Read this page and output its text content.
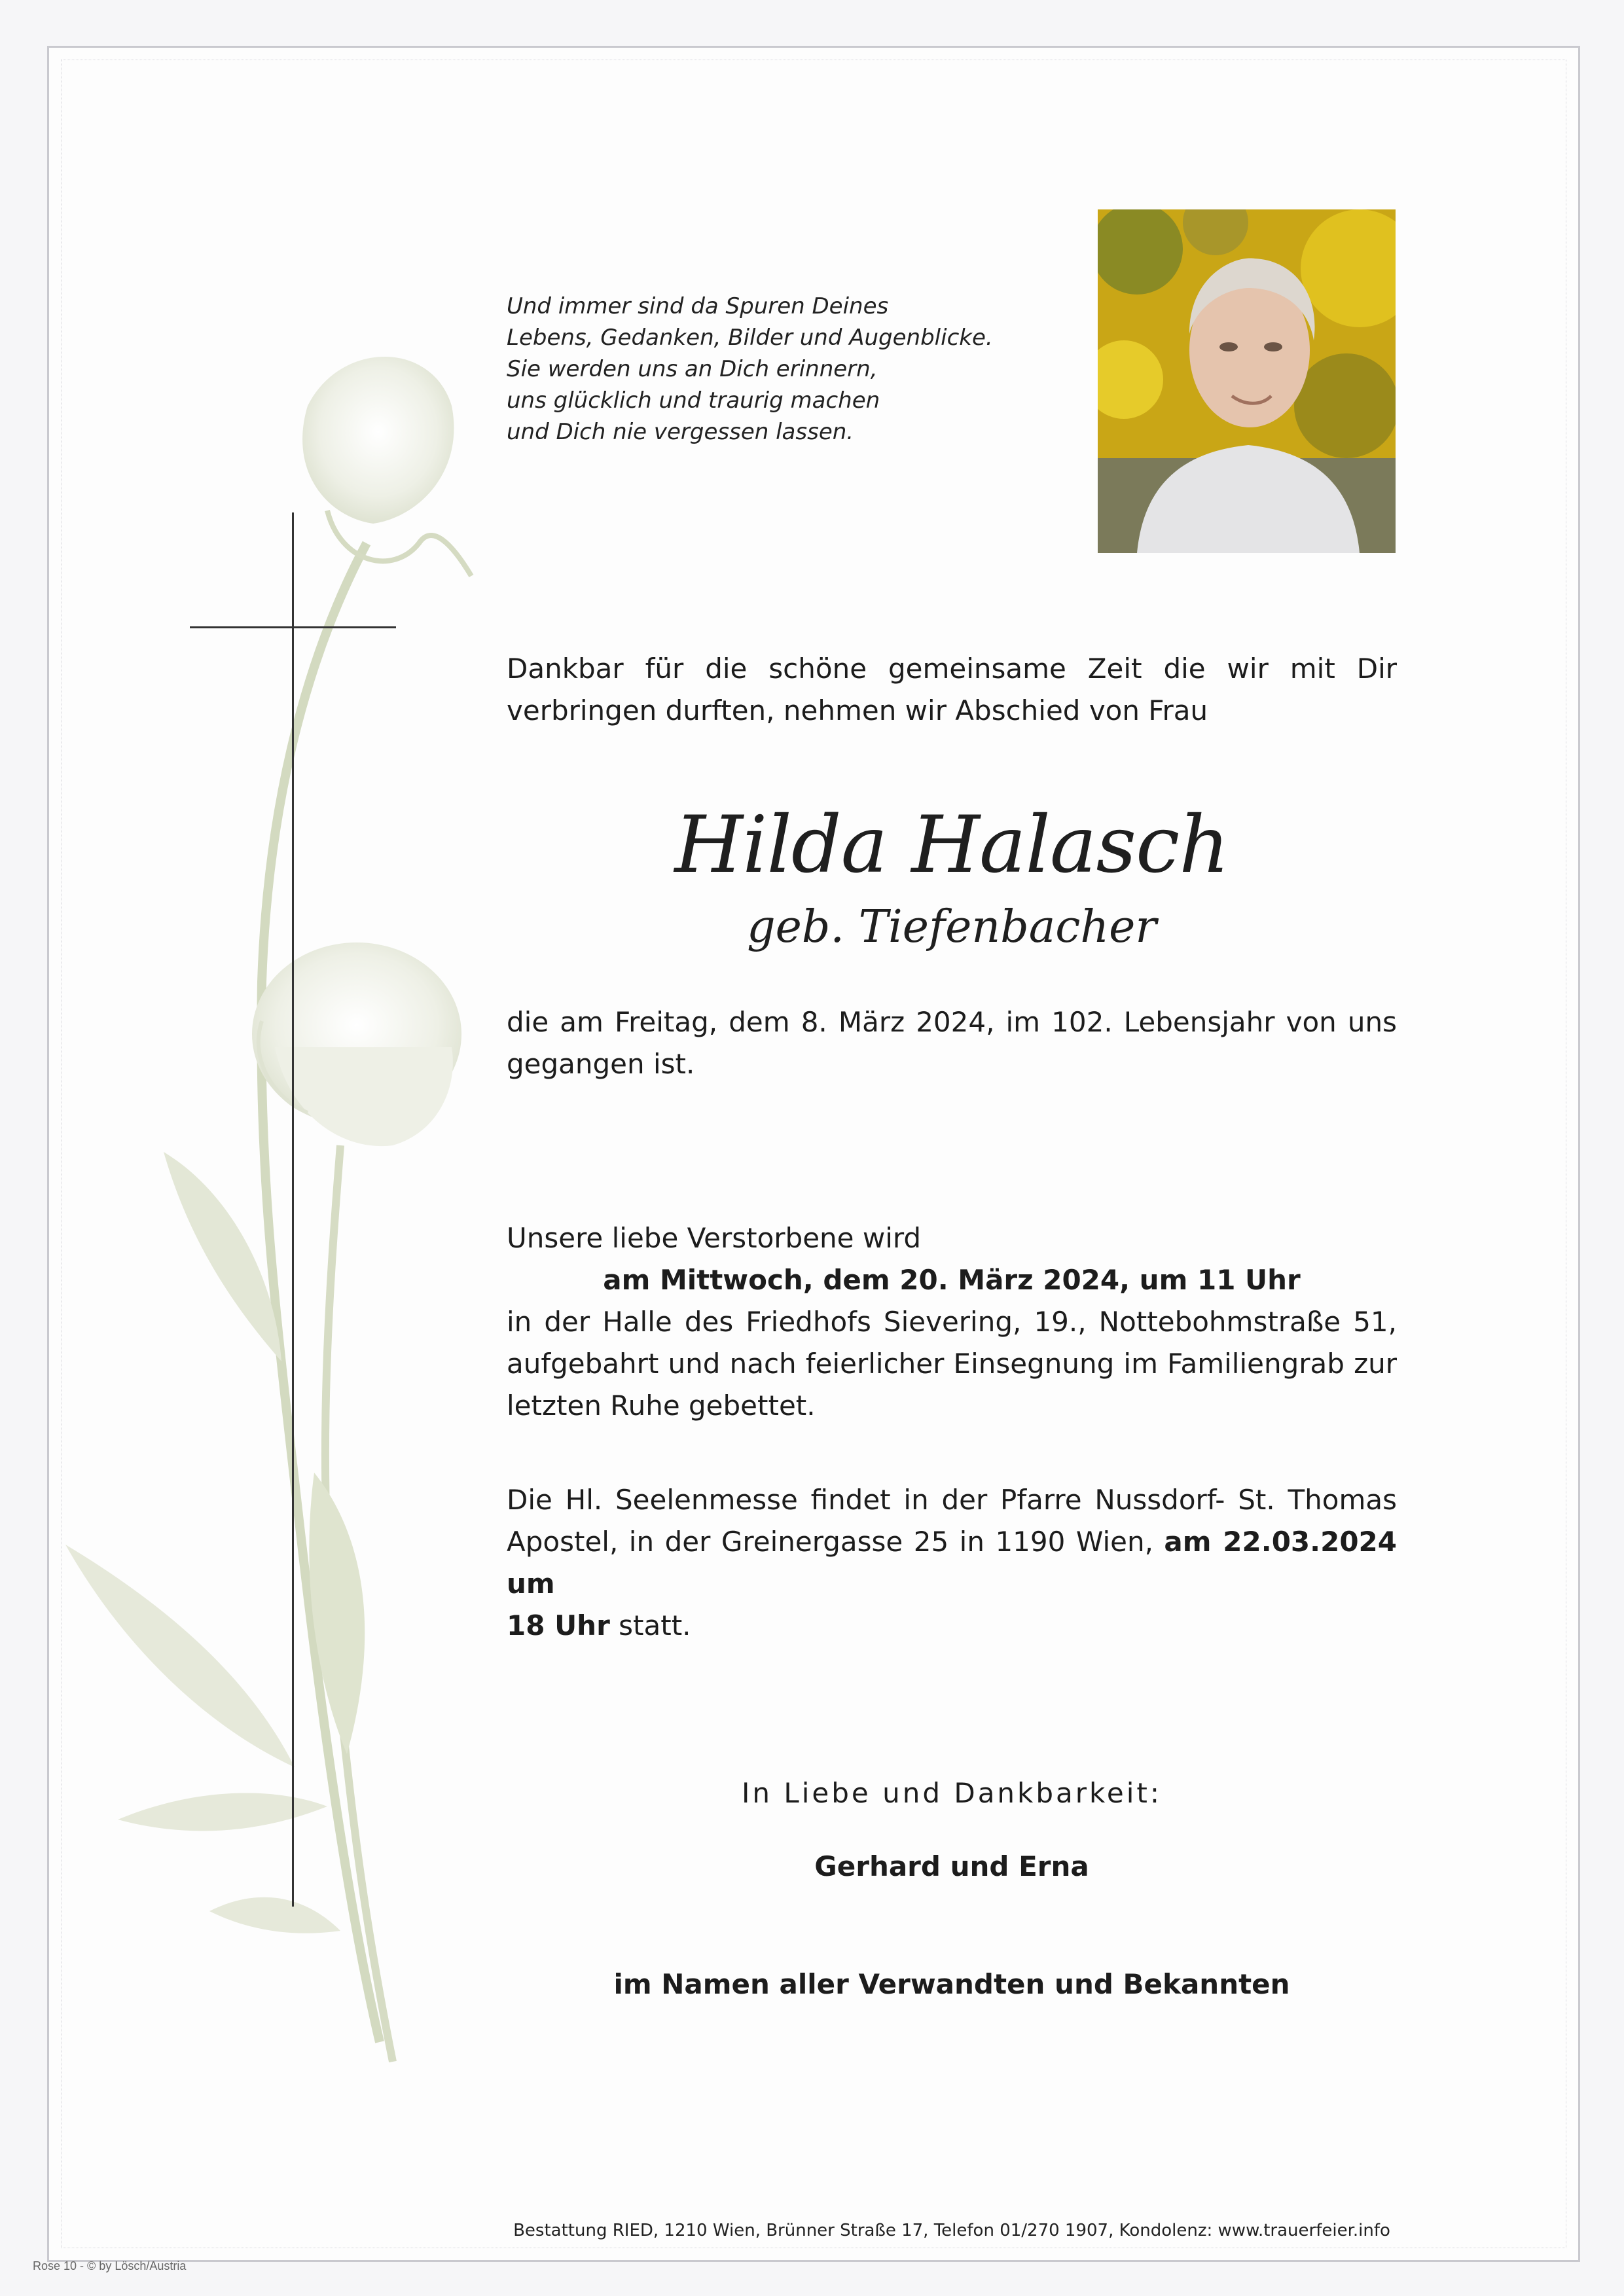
Und immer sind da Spuren Deines
Lebens, Gedanken, Bilder und Augenblicke.
Sie werden uns an Dich erinnern,
uns glücklich und traurig machen
und Dich nie vergessen lassen.
Dankbar für die schöne gemeinsame Zeit die wir mit Dir
verbringen durften, nehmen wir Abschied von Frau
Hilda Halasch
geb. Tiefenbacher
die am Freitag, dem 8. März 2024, im 102. Lebensjahr von uns
gegangen ist.
Unsere liebe Verstorbene wird
am Mittwoch, dem 20. März 2024, um 11 Uhr
in der Halle des Friedhofs Sievering, 19., Nottebohmstraße 51,
aufgebahrt und nach feierlicher Einsegnung im Familiengrab zur
letzten Ruhe gebettet.
Die Hl. Seelenmesse findet in der Pfarre Nussdorf- St. Thomas
Apostel, in der Greinergasse 25 in 1190 Wien, am 22.03.2024 um
18 Uhr statt.
In Liebe und Dankbarkeit:
Gerhard und Erna
im Namen aller Verwandten und Bekannten
Bestattung RIED, 1210 Wien, Brünner Straße 17, Telefon 01/270 1907, Kondolenz: www.trauerfeier.info
Rose 10 - © by Lösch/Austria
